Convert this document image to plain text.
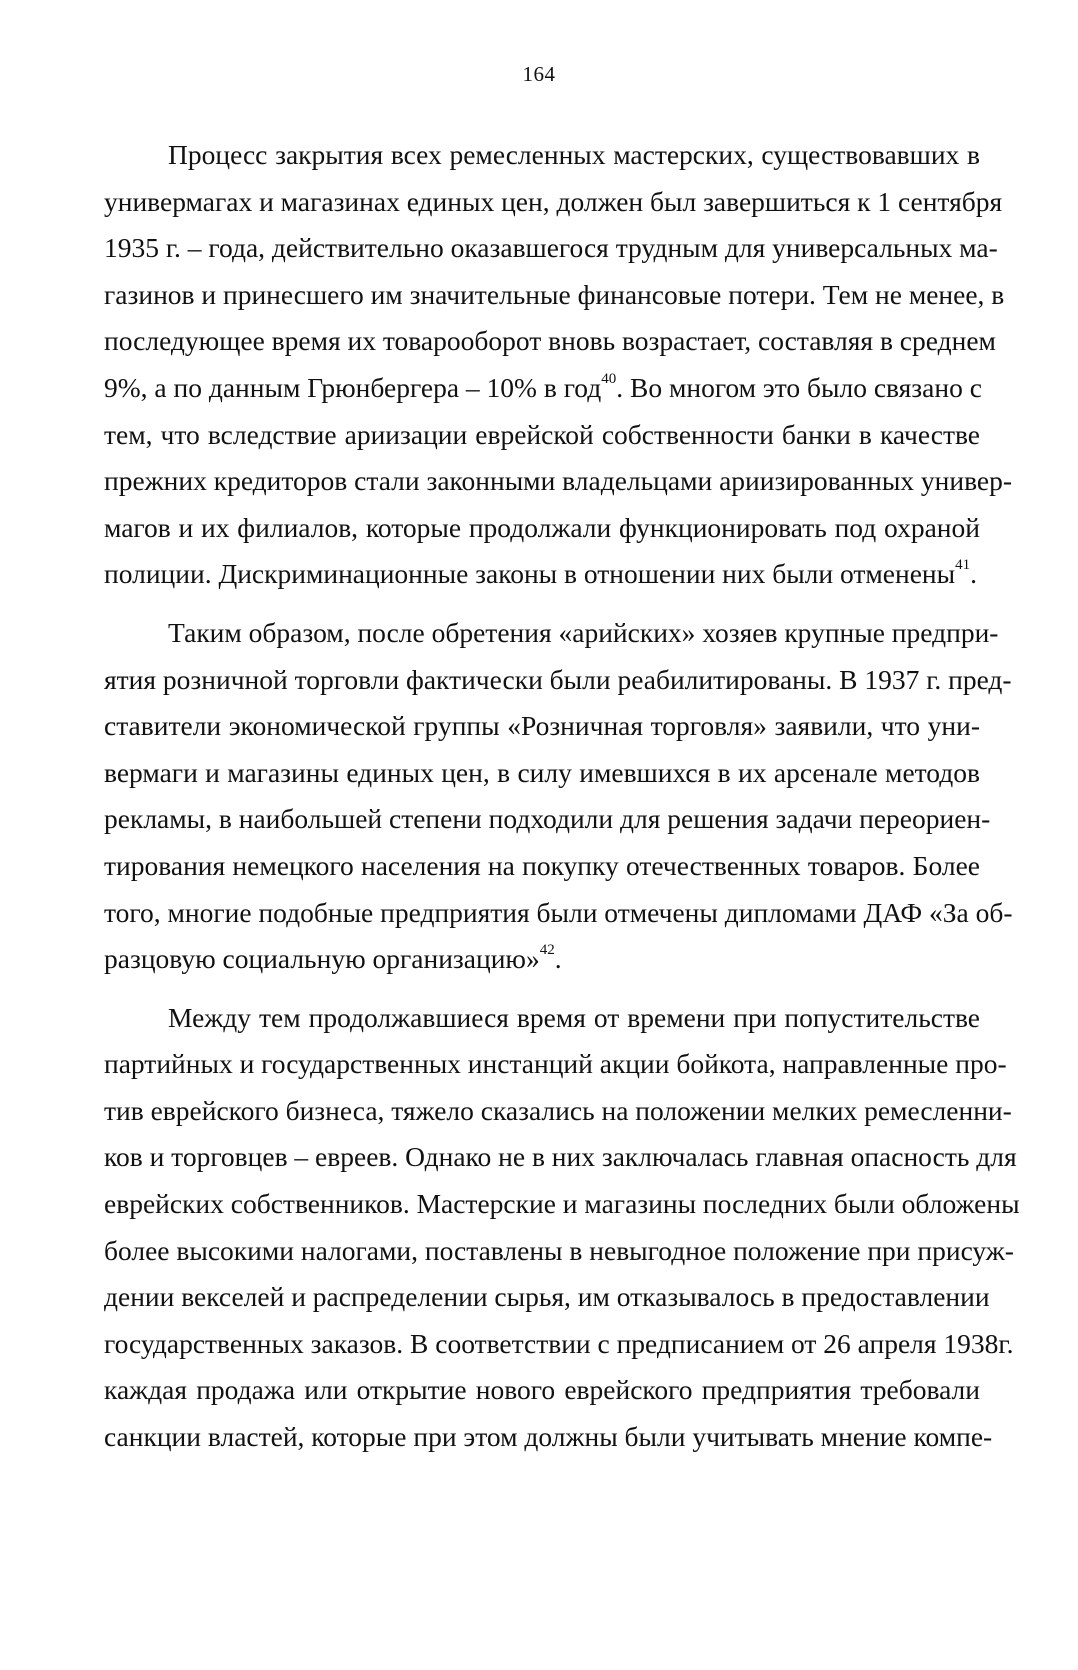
164
Процесс закрытия всех ремесленных мастерских, существовавших в
универмагах и магазинах единых цен, должен был завершиться к 1 сентября
1935 г. – года, действительно оказавшегося трудным для универсальных ма-
газинов и принесшего им значительные финансовые потери. Тем не менее, в
последующее время их товарооборот вновь возрастает, составляя в среднем
9%, а по данным Грюнбергера – 10% в год$^{40}$. Во многом это было связано с
тем, что вследствие ариизации еврейской собственности банки в качестве
прежних кредиторов стали законными владельцами ариизированных универ-
магов и их филиалов, которые продолжали функционировать под охраной
полиции. Дискриминационные законы в отношении них были отменены$^{41}$.
Таким образом, после обретения «арийских» хозяев крупные предпри-
ятия розничной торговли фактически были реабилитированы. В 1937 г. пред-
ставители экономической группы «Розничная торговля» заявили, что уни-
вермаги и магазины единых цен, в силу имевшихся в их арсенале методов
рекламы, в наибольшей степени подходили для решения задачи переориен-
тирования немецкого населения на покупку отечественных товаров. Более
того, многие подобные предприятия были отмечены дипломами ДАФ «За об-
разцовую социальную организацию»$^{42}$.
Между тем продолжавшиеся время от времени при попустительстве
партийных и государственных инстанций акции бойкота, направленные про-
тив еврейского бизнеса, тяжело сказались на положении мелких ремесленни-
ков и торговцев – евреев. Однако не в них заключалась главная опасность для
еврейских собственников. Мастерские и магазины последних были обложены
более высокими налогами, поставлены в невыгодное положение при присуж-
дении векселей и распределении сырья, им отказывалось в предоставлении
государственных заказов. В соответствии с предписанием от 26 апреля 1938г.
каждая продажа или открытие нового еврейского предприятия требовали
санкции властей, которые при этом должны были учитывать мнение компе-
